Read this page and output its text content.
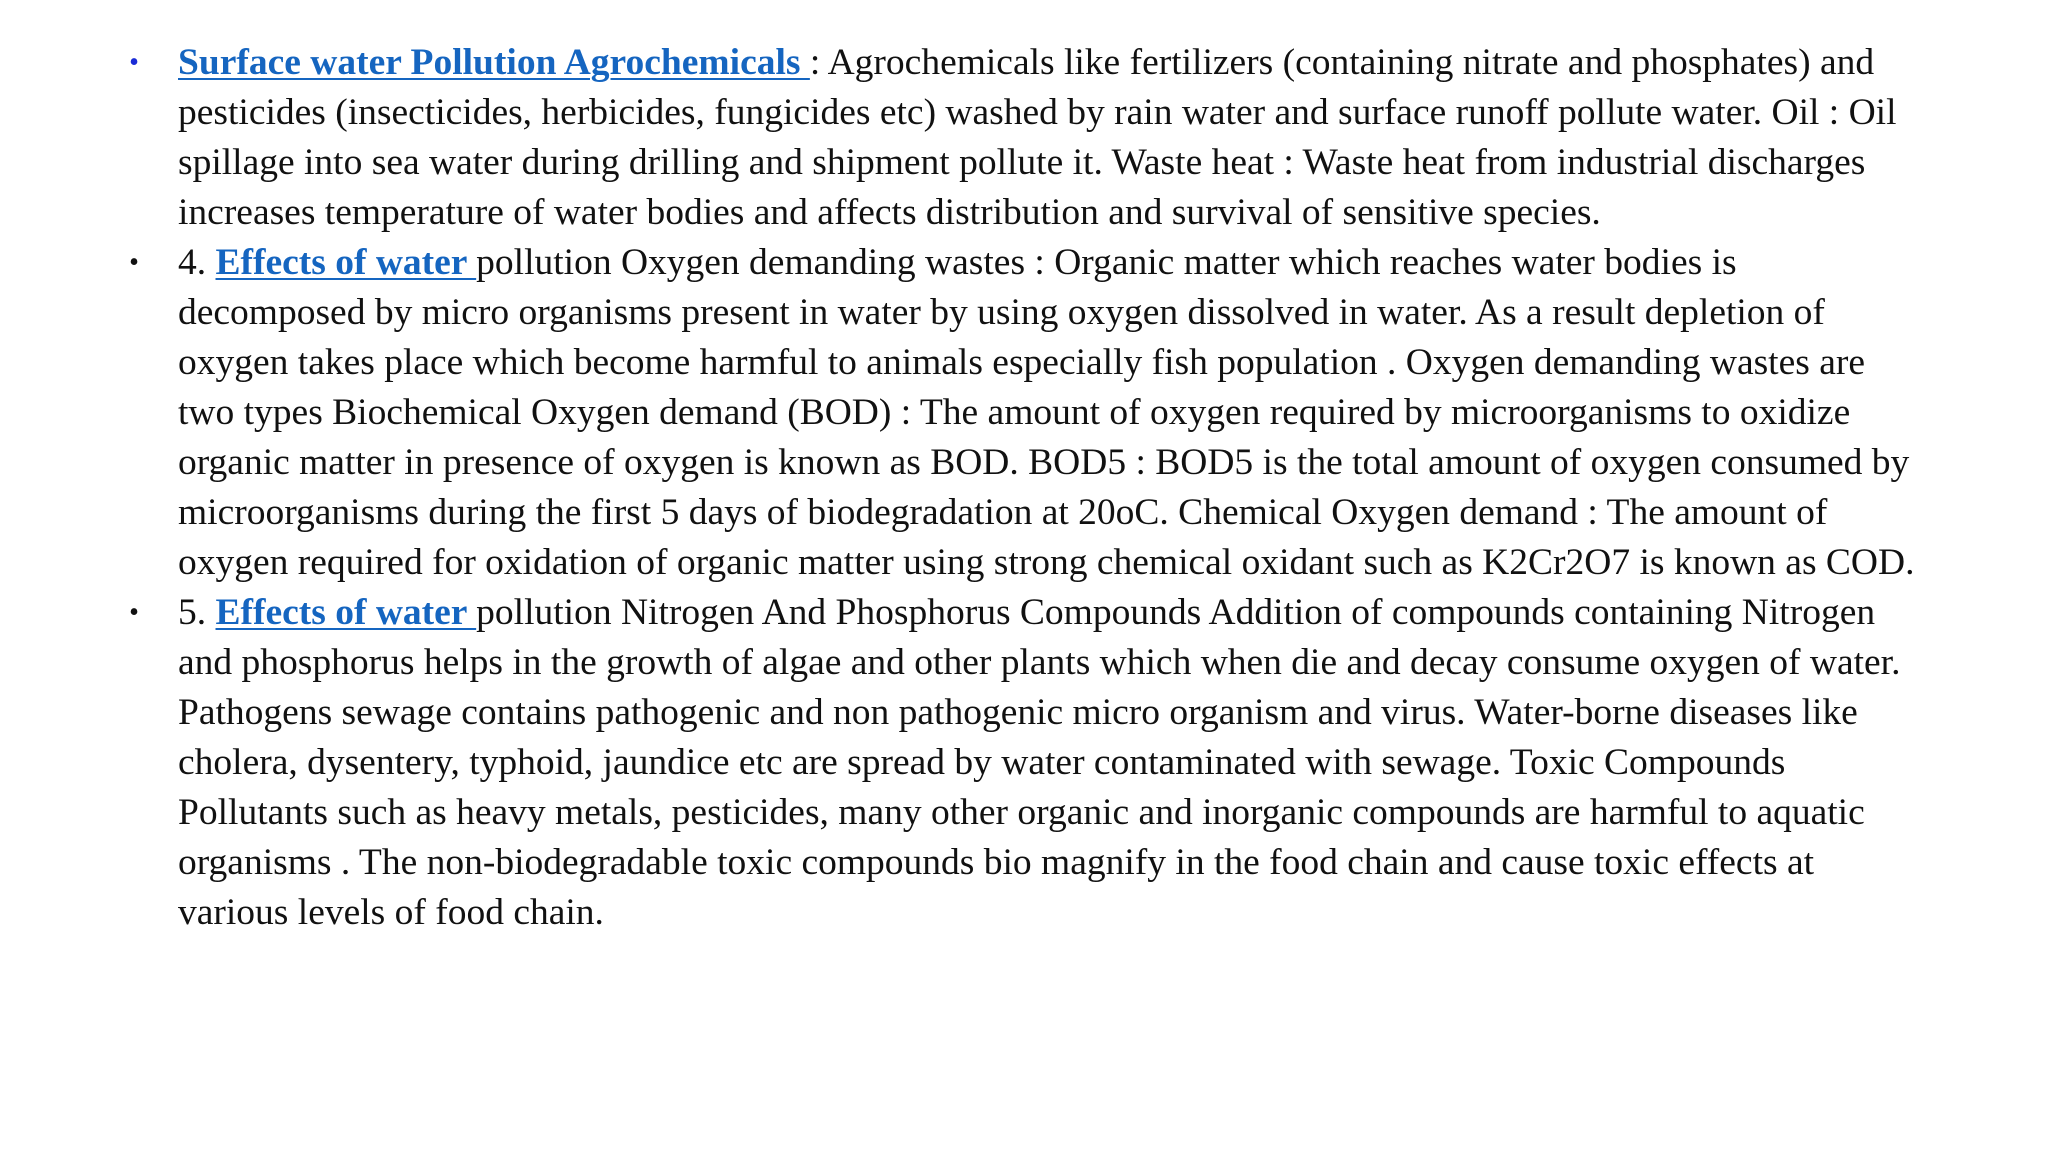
• Surface water Pollution Agrochemicals : Agrochemicals like fertilizers (containing nitrate and phosphates) and pesticides (insecticides, herbicides, fungicides etc) washed by rain water and surface runoff pollute water. Oil : Oil spillage into sea water during drilling and shipment pollute it. Waste heat : Waste heat from industrial discharges increases temperature of water bodies and affects distribution and survival of sensitive species.
• 4. Effects of water pollution Oxygen demanding wastes : Organic matter which reaches water bodies is decomposed by micro organisms present in water by using oxygen dissolved in water. As a result depletion of oxygen takes place which become harmful to animals especially fish population . Oxygen demanding wastes are two types Biochemical Oxygen demand (BOD) : The amount of oxygen required by microorganisms to oxidize organic matter in presence of oxygen is known as BOD. BOD5 : BOD5 is the total amount of oxygen consumed by microorganisms during the first 5 days of biodegradation at 20oC. Chemical Oxygen demand : The amount of oxygen required for oxidation of organic matter using strong chemical oxidant such as K2Cr2O7 is known as COD.
• 5. Effects of water pollution Nitrogen And Phosphorus Compounds Addition of compounds containing Nitrogen and phosphorus helps in the growth of algae and other plants which when die and decay consume oxygen of water. Pathogens sewage contains pathogenic and non pathogenic micro organism and virus. Water-borne diseases like cholera, dysentery, typhoid, jaundice etc are spread by water contaminated with sewage. Toxic Compounds Pollutants such as heavy metals, pesticides, many other organic and inorganic compounds are harmful to aquatic organisms . The non-biodegradable toxic compounds bio magnify in the food chain and cause toxic effects at various levels of food chain.
